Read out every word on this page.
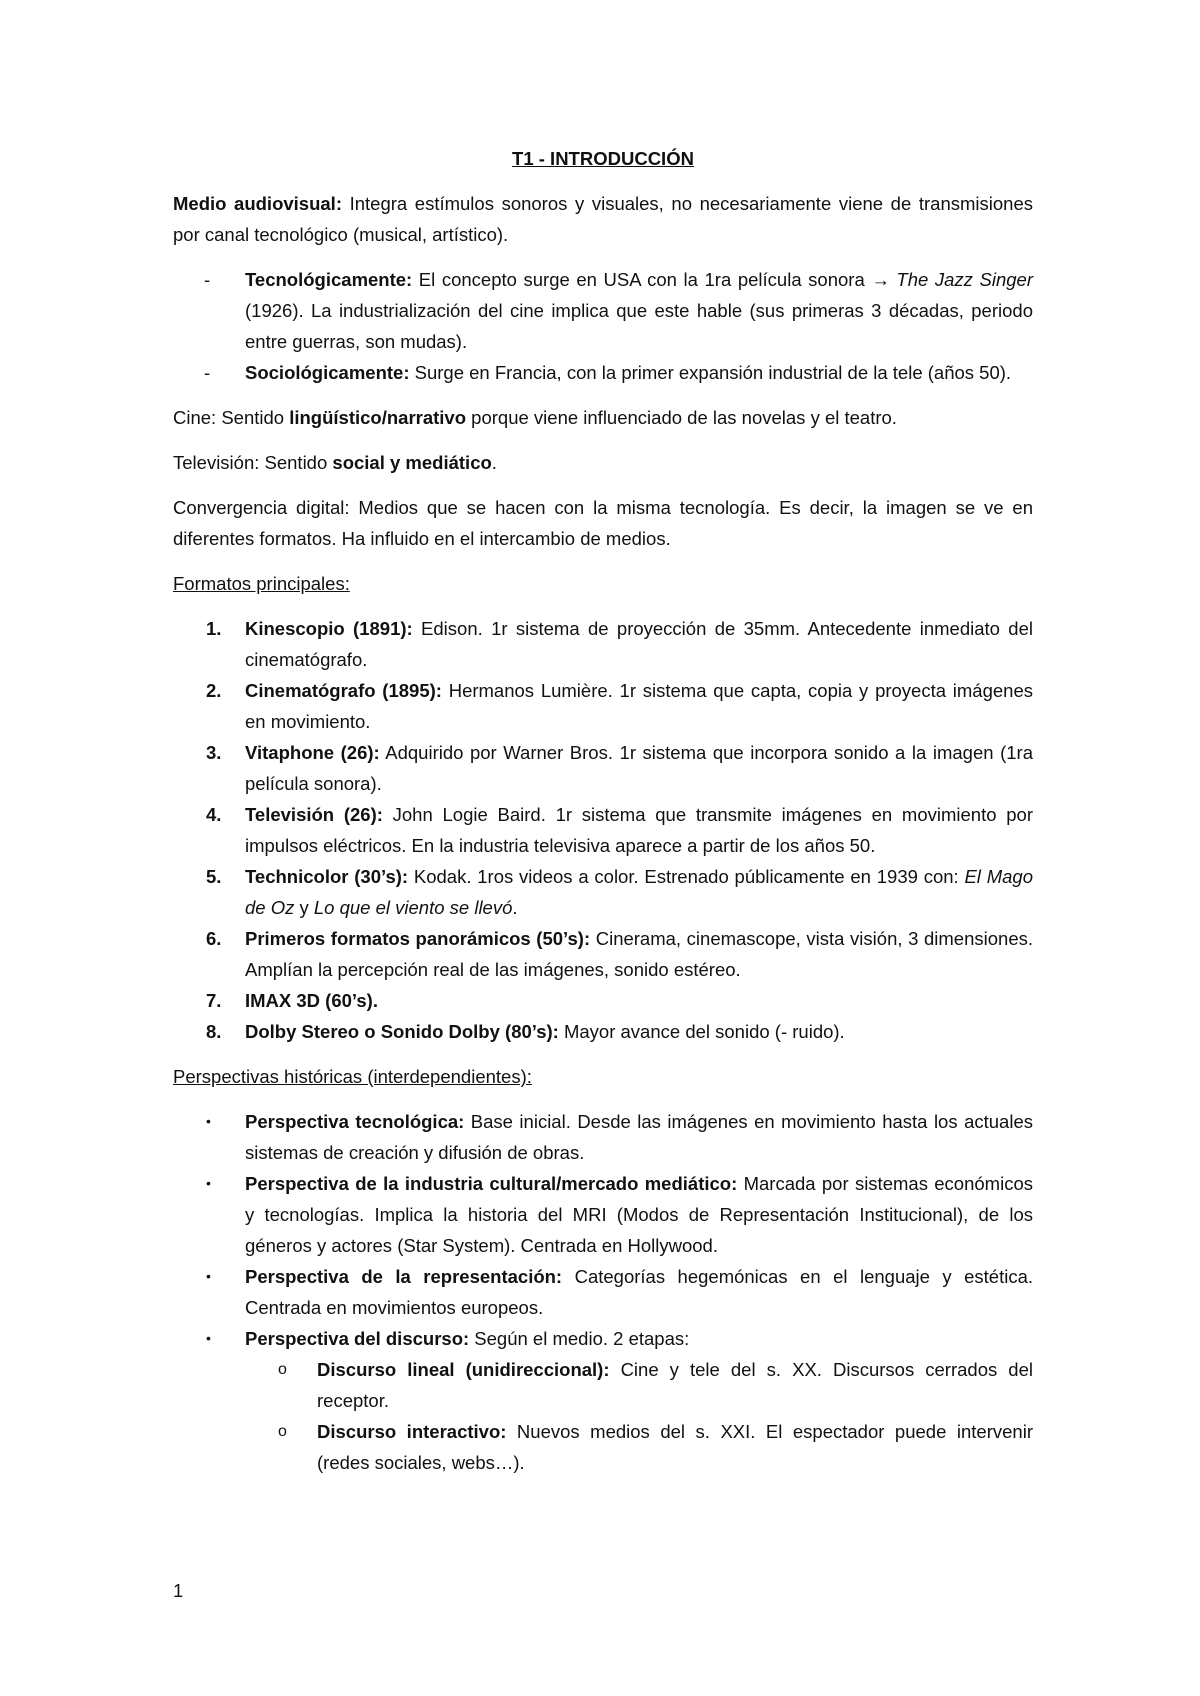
T1 - INTRODUCCIÓN

Medio audiovisual: Integra estímulos sonoros y visuales, no necesariamente viene de transmisiones por canal tecnológico (musical, artístico).

- Tecnológicamente: El concepto surge en USA con la 1ra película sonora → The Jazz Singer (1926). La industrialización del cine implica que este hable (sus primeras 3 décadas, periodo entre guerras, son mudas).
- Sociológicamente: Surge en Francia, con la primer expansión industrial de la tele (años 50).

Cine: Sentido lingüístico/narrativo porque viene influenciado de las novelas y el teatro.

Televisión: Sentido social y mediático.

Convergencia digital: Medios que se hacen con la misma tecnología. Es decir, la imagen se ve en diferentes formatos. Ha influido en el intercambio de medios.

Formatos principales:

1. Kinescopio (1891): Edison. 1r sistema de proyección de 35mm. Antecedente inmediato del cinematógrafo.
2. Cinematógrafo (1895): Hermanos Lumière. 1r sistema que capta, copia y proyecta imágenes en movimiento.
3. Vitaphone (26): Adquirido por Warner Bros. 1r sistema que incorpora sonido a la imagen (1ra película sonora).
4. Televisión (26): John Logie Baird. 1r sistema que transmite imágenes en movimiento por impulsos eléctricos. En la industria televisiva aparece a partir de los años 50.
5. Technicolor (30’s): Kodak. 1ros videos a color. Estrenado públicamente en 1939 con: El Mago de Oz y Lo que el viento se llevó.
6. Primeros formatos panorámicos (50’s): Cinerama, cinemascope, vista visión, 3 dimensiones. Amplían la percepción real de las imágenes, sonido estéreo.
7. IMAX 3D (60’s).
8. Dolby Stereo o Sonido Dolby (80’s): Mayor avance del sonido (- ruido).

Perspectivas históricas (interdependientes):

• Perspectiva tecnológica: Base inicial. Desde las imágenes en movimiento hasta los actuales sistemas de creación y difusión de obras.
• Perspectiva de la industria cultural/mercado mediático: Marcada por sistemas económicos y tecnologías. Implica la historia del MRI (Modos de Representación Institucional), de los géneros y actores (Star System). Centrada en Hollywood.
• Perspectiva de la representación: Categorías hegemónicas en el lenguaje y estética. Centrada en movimientos europeos.
• Perspectiva del discurso: Según el medio. 2 etapas:
o Discurso lineal (unidireccional): Cine y tele del s. XX. Discursos cerrados del receptor.
o Discurso interactivo: Nuevos medios del s. XXI. El espectador puede intervenir (redes sociales, webs…).
1
